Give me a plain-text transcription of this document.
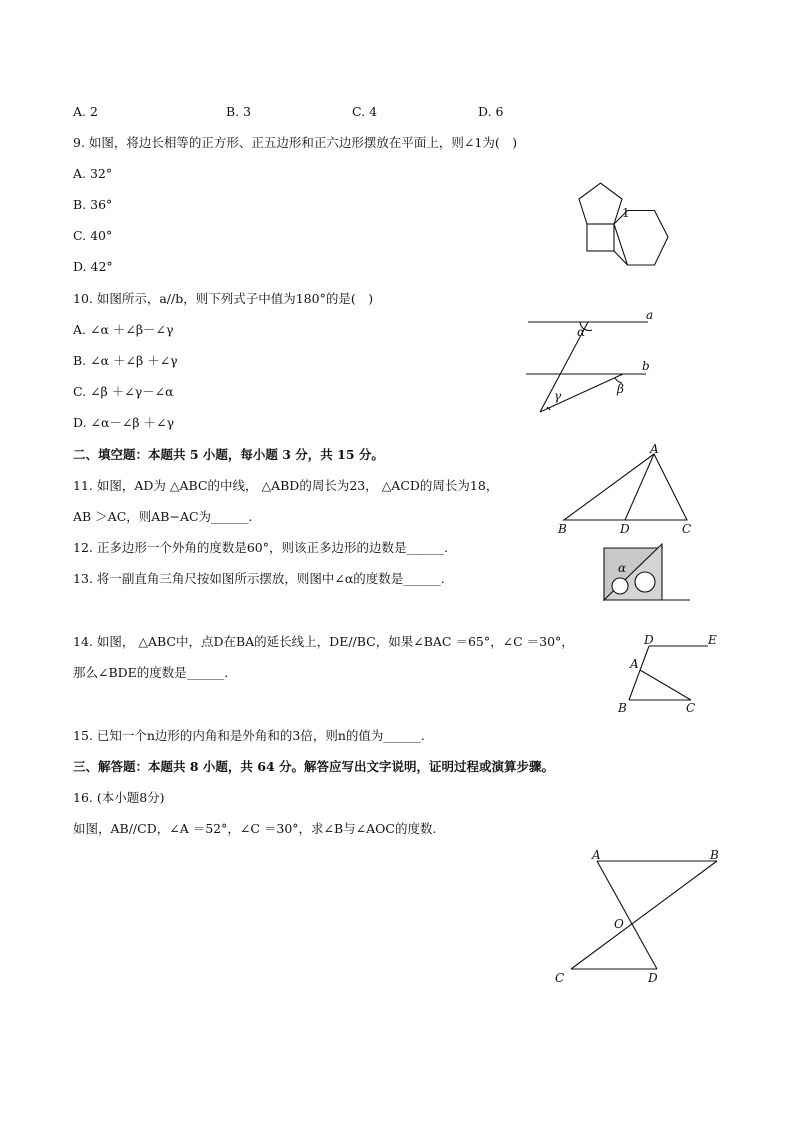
A. 2	B. 3	C. 4	D. 6
9. 如图，将边长相等的正方形、正五边形和正六边形摆放在平面上，则∠1为(　)
A. 32°
B. 36°
C. 40°
D. 42°
1
10. 如图所示，a//b，则下列式子中值为180°的是(　)
A. ∠α ＋∠β－∠γ
B. ∠α ＋∠β ＋∠γ
C. ∠β ＋∠γ－∠α
D. ∠α－∠β ＋∠γ
a
b
α
β
γ
二、填空题：本题共 5 小题，每小题 3 分，共 15 分。
11. 如图，AD为 △ABC的中线， △ABD的周长为23， △ACD的周长为18，
AB ＞AC，则AB−AC为______.
A
B	D	C
12. 正多边形一个外角的度数是60°，则该正多边形的边数是______.
13. 将一副直角三角尺按如图所示摆放，则图中∠α的度数是______.
α
14. 如图， △ABC中，点D在BA的延长线上，DE//BC，如果∠BAC ＝65°，∠C ＝30°，
那么∠BDE的度数是______.
D	E
A
B	C
15. 已知一个n边形的内角和是外角和的3倍，则n的值为______.
三、解答题：本题共 8 小题，共 64 分。解答应写出文字说明，证明过程或演算步骤。
16. (本小题8分)
如图，AB//CD，∠A ＝52°，∠C ＝30°，求∠B与∠AOC的度数.
A	B
O
C	D
